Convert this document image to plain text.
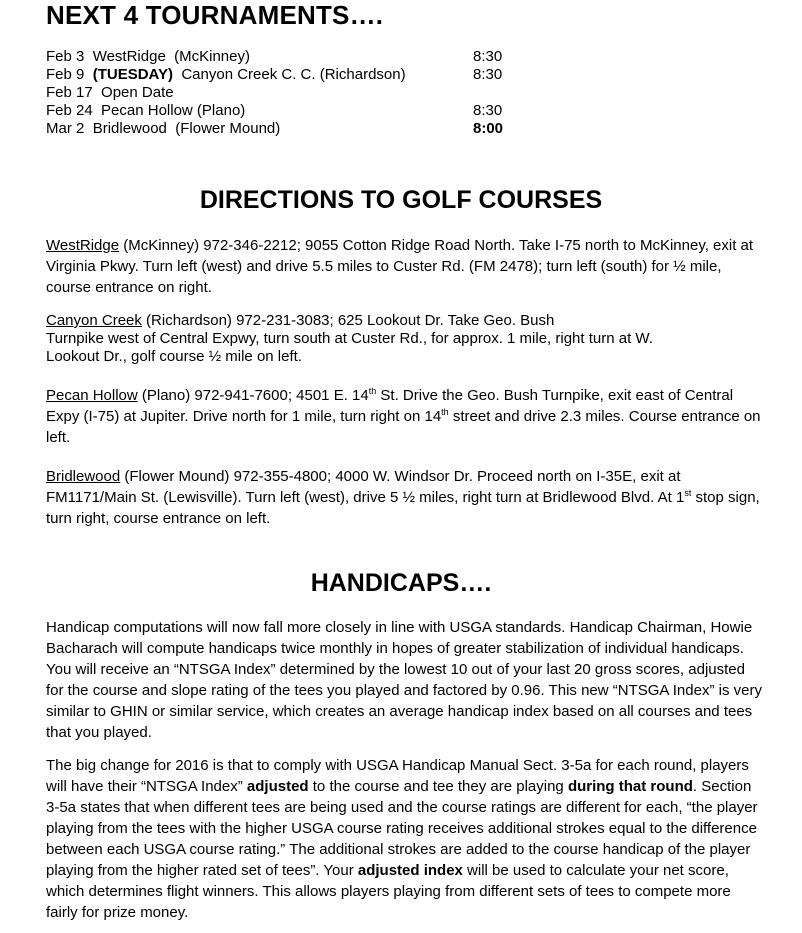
NEXT 4 TOURNAMENTS….
Feb 3 WestRidge  (McKinney)	8:30
Feb 9 (TUESDAY) Canyon Creek C. C. (Richardson)	8:30
Feb 17 Open Date
Feb 24 Pecan Hollow (Plano)	8:30
Mar 2 Bridlewood  (Flower Mound)	8:00
DIRECTIONS TO GOLF COURSES
WestRidge (McKinney) 972-346-2212; 9055 Cotton Ridge Road North. Take I-75 north to McKinney, exit at Virginia Pkwy. Turn left (west) and drive 5.5 miles to Custer Rd. (FM 2478); turn left (south) for ½ mile, course entrance on right.
Canyon Creek (Richardson) 972-231-3083; 625 Lookout Dr. Take Geo. Bush
Turnpike west of Central Expwy, turn south at Custer Rd., for approx. 1 mile, right turn at W.
Lookout Dr., golf course ½ mile on left.
Pecan Hollow (Plano) 972-941-7600; 4501 E. 14th St. Drive the Geo. Bush Turnpike, exit east of Central Expy (I-75) at Jupiter. Drive north for 1 mile, turn right on 14th street and drive 2.3 miles. Course entrance on left.
Bridlewood (Flower Mound) 972-355-4800; 4000 W. Windsor Dr. Proceed north on I-35E, exit at FM1171/Main St. (Lewisville). Turn left (west), drive 5 ½ miles, right turn at Bridlewood Blvd. At 1st stop sign, turn right, course entrance on left.
HANDICAPS….
Handicap computations will now fall more closely in line with USGA standards. Handicap Chairman, Howie Bacharach will compute handicaps twice monthly in hopes of greater stabilization of individual handicaps. You will receive an “NTSGA Index” determined by the lowest 10 out of your last 20 gross scores, adjusted for the course and slope rating of the tees you played and factored by 0.96. This new “NTSGA Index” is very similar to GHIN or similar service, which creates an average handicap index based on all courses and tees that you played.
The big change for 2016 is that to comply with USGA Handicap Manual Sect. 3-5a for each round, players will have their “NTSGA Index” adjusted to the course and tee they are playing during that round. Section 3-5a states that when different tees are being used and the course ratings are different for each, “the player playing from the tees with the higher USGA course rating receives additional strokes equal to the difference between each USGA course rating.” The additional strokes are added to the course handicap of the player playing from the higher rated set of tees”. Your adjusted index will be used to calculate your net score, which determines flight winners. This allows players playing from different sets of tees to compete more fairly for prize money.
